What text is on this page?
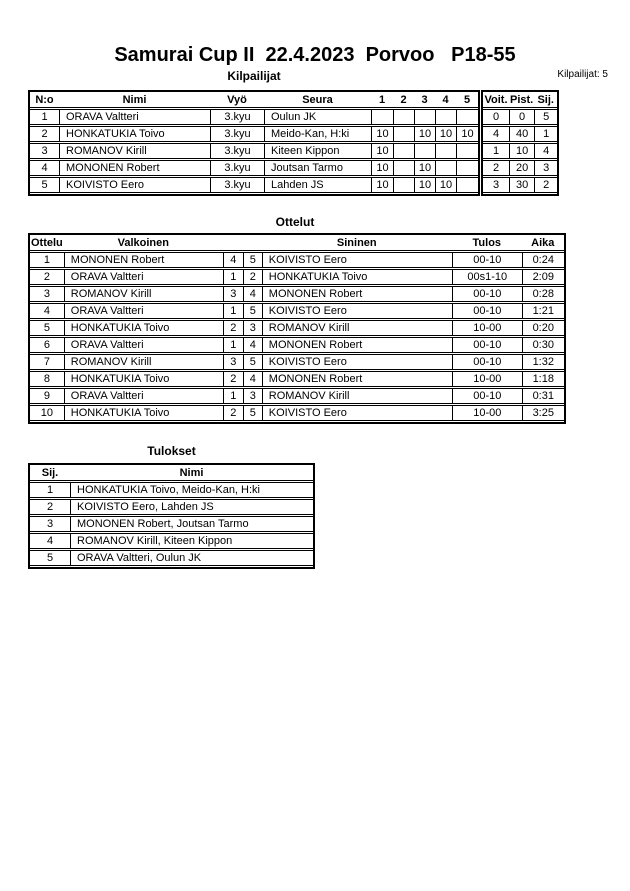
Samurai Cup II  22.4.2023  Porvoo   P18-55
Kilpailijat: 5
Kilpailijat
N:o	Nimi	Vyö	Seura	1	2	3	4	5
1	ORAVA Valtteri	3.kyu	Oulun JK					
2	HONKATUKIA Toivo	3.kyu	Meido-Kan, H:ki	10		10	10	10
3	ROMANOV Kirill	3.kyu	Kiteen Kippon	10				
4	MONONEN Robert	3.kyu	Joutsan Tarmo	10		10		
5	KOIVISTO Eero	3.kyu	Lahden JS	10		10	10	
Voit.	Pist.	Sij.
0	0	5
4	40	1
1	10	4
2	20	3
3	30	2
Ottelut
Ottelu	Valkoinen			Sininen	Tulos	Aika
1	MONONEN Robert	4	5	KOIVISTO Eero	00-10	0:24
2	ORAVA Valtteri	1	2	HONKATUKIA Toivo	00s1-10	2:09
3	ROMANOV Kirill	3	4	MONONEN Robert	00-10	0:28
4	ORAVA Valtteri	1	5	KOIVISTO Eero	00-10	1:21
5	HONKATUKIA Toivo	2	3	ROMANOV Kirill	10-00	0:20
6	ORAVA Valtteri	1	4	MONONEN Robert	00-10	0:30
7	ROMANOV Kirill	3	5	KOIVISTO Eero	00-10	1:32
8	HONKATUKIA Toivo	2	4	MONONEN Robert	10-00	1:18
9	ORAVA Valtteri	1	3	ROMANOV Kirill	00-10	0:31
10	HONKATUKIA Toivo	2	5	KOIVISTO Eero	10-00	3:25
Tulokset
Sij.	Nimi
1	HONKATUKIA Toivo, Meido-Kan, H:ki
2	KOIVISTO Eero, Lahden JS
3	MONONEN Robert, Joutsan Tarmo
4	ROMANOV Kirill, Kiteen Kippon
5	ORAVA Valtteri, Oulun JK
